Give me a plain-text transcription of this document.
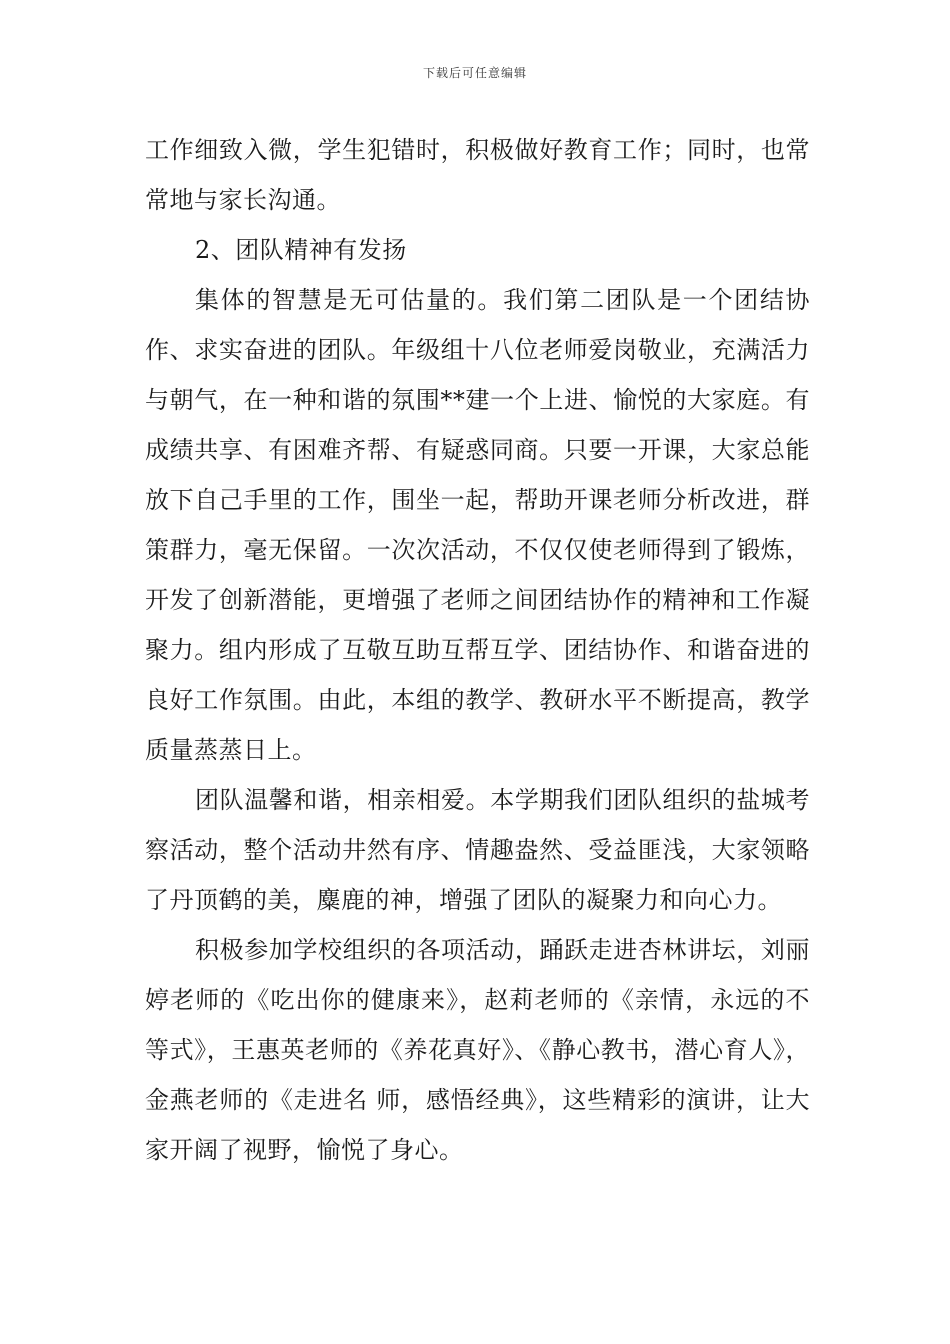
下载后可任意编辑

工作细致入微，学生犯错时，积极做好教育工作；同时，也常常地与家长沟通。

2、团队精神有发扬

集体的智慧是无可估量的。我们第二团队是一个团结协作、求实奋进的团队。年级组十八位老师爱岗敬业，充满活力与朝气，在一种和谐的氛围**建一个上进、愉悦的大家庭。有成绩共享、有困难齐帮、有疑惑同商。只要一开课，大家总能放下自己手里的工作，围坐一起，帮助开课老师分析改进，群策群力，毫无保留。一次次活动，不仅仅使老师得到了锻炼，开发了创新潜能，更增强了老师之间团结协作的精神和工作凝聚力。组内形成了互敬互助互帮互学、团结协作、和谐奋进的良好工作氛围。由此，本组的教学、教研水平不断提高，教学质量蒸蒸日上。

团队温馨和谐，相亲相爱。本学期我们团队组织的盐城考察活动，整个活动井然有序、情趣盎然、受益匪浅，大家领略了丹顶鹤的美，麋鹿的神，增强了团队的凝聚力和向心力。

积极参加学校组织的各项活动，踊跃走进杏林讲坛，刘丽婷老师的《吃出你的健康来》，赵莉老师的《亲情，永远的不等式》，王惠英老师的《养花真好》、《静心教书，潜心育人》，金燕老师的《走进名 师，感悟经典》，这些精彩的演讲，让大家开阔了视野，愉悦了身心。
